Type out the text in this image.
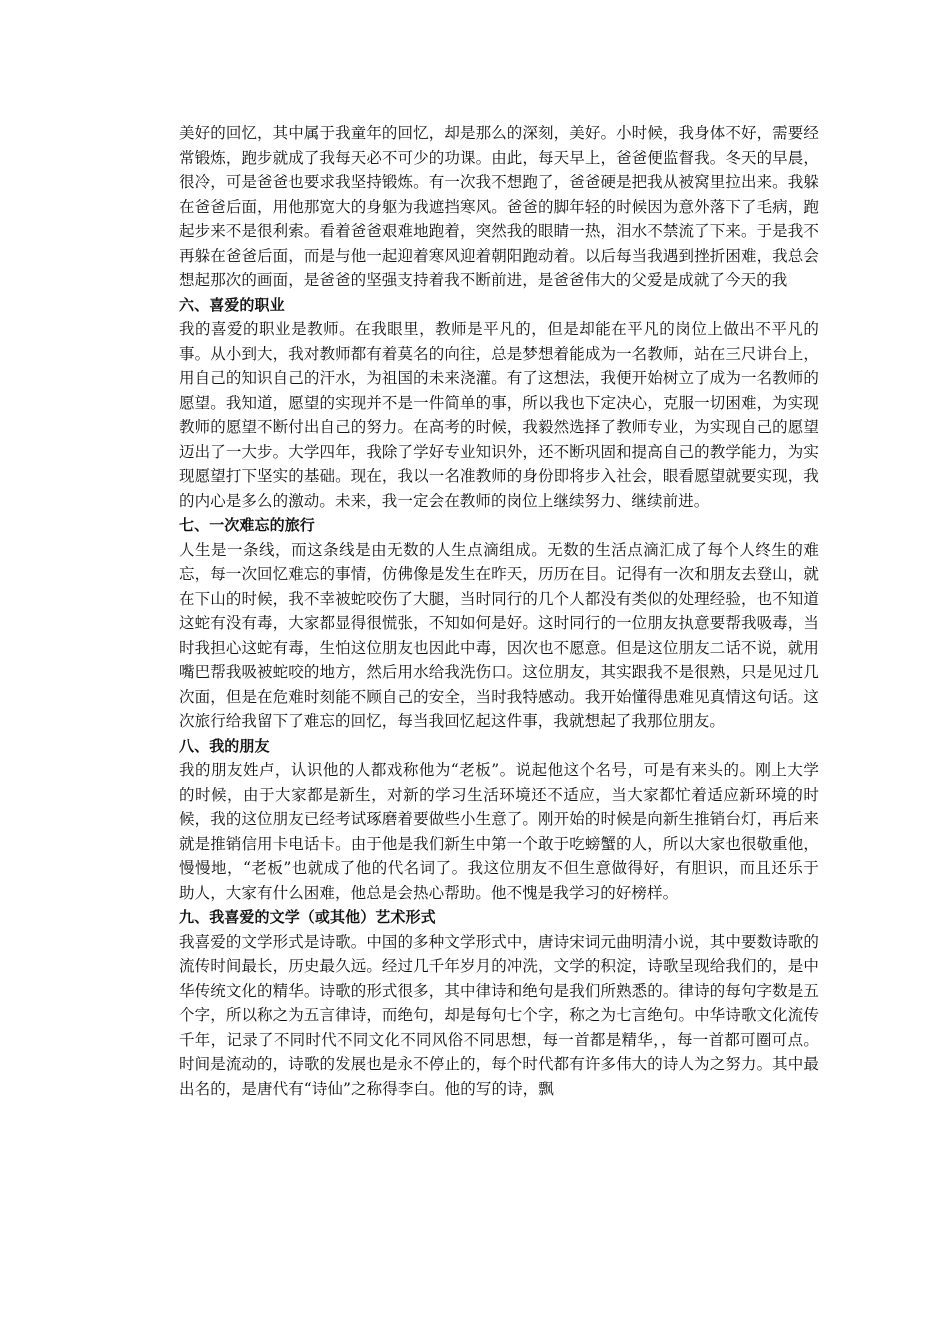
美好的回忆，其中属于我童年的回忆，却是那么的深刻，美好。小时候，我身体不好，需要经常锻炼，跑步就成了我每天必不可少的功课。由此，每天早上，爸爸便监督我。冬天的早晨，很冷，可是爸爸也要求我坚持锻炼。有一次我不想跑了，爸爸硬是把我从被窝里拉出来。我躲在爸爸后面，用他那宽大的身躯为我遮挡寒风。爸爸的脚年轻的时候因为意外落下了毛病，跑起步来不是很利索。看着爸爸艰难地跑着，突然我的眼睛一热，泪水不禁流了下来。于是我不再躲在爸爸后面，而是与他一起迎着寒风迎着朝阳跑动着。以后每当我遇到挫折困难，我总会想起那次的画面，是爸爸的坚强支持着我不断前进，是爸爸伟大的父爱是成就了今天的我

六、喜爱的职业

我的喜爱的职业是教师。在我眼里，教师是平凡的，但是却能在平凡的岗位上做出不平凡的事。从小到大，我对教师都有着莫名的向往，总是梦想着能成为一名教师，站在三尺讲台上，用自己的知识自己的汗水，为祖国的未来浇灌。有了这想法，我便开始树立了成为一名教师的愿望。我知道，愿望的实现并不是一件简单的事，所以我也下定决心，克服一切困难，为实现教师的愿望不断付出自己的努力。在高考的时候，我毅然选择了教师专业，为实现自己的愿望迈出了一大步。大学四年，我除了学好专业知识外，还不断巩固和提高自己的教学能力，为实现愿望打下坚实的基础。现在，我以一名准教师的身份即将步入社会，眼看愿望就要实现，我的内心是多么的激动。未来，我一定会在教师的岗位上继续努力、继续前进。

七、一次难忘的旅行

人生是一条线，而这条线是由无数的人生点滴组成。无数的生活点滴汇成了每个人终生的难忘，每一次回忆难忘的事情，仿佛像是发生在昨天，历历在目。记得有一次和朋友去登山，就在下山的时候，我不幸被蛇咬伤了大腿，当时同行的几个人都没有类似的处理经验，也不知道这蛇有没有毒，大家都显得很慌张，不知如何是好。这时同行的一位朋友执意要帮我吸毒，当时我担心这蛇有毒，生怕这位朋友也因此中毒，因次也不愿意。但是这位朋友二话不说，就用嘴巴帮我吸被蛇咬的地方，然后用水给我洗伤口。这位朋友，其实跟我不是很熟，只是见过几次面，但是在危难时刻能不顾自己的安全，当时我特感动。我开始懂得患难见真情这句话。这次旅行给我留下了难忘的回忆，每当我回忆起这件事，我就想起了我那位朋友。

八、我的朋友

我的朋友姓卢，认识他的人都戏称他为“老板”。说起他这个名号，可是有来头的。刚上大学的时候，由于大家都是新生，对新的学习生活环境还不适应，当大家都忙着适应新环境的时候，我的这位朋友已经考试琢磨着要做些小生意了。刚开始的时候是向新生推销台灯，再后来就是推销信用卡电话卡。由于他是我们新生中第一个敢于吃螃蟹的人，所以大家也很敬重他，慢慢地，“老板”也就成了他的代名词了。我这位朋友不但生意做得好，有胆识，而且还乐于助人，大家有什么困难，他总是会热心帮助。他不愧是我学习的好榜样。

九、我喜爱的文学（或其他）艺术形式

我喜爱的文学形式是诗歌。中国的多种文学形式中，唐诗宋词元曲明清小说，其中要数诗歌的流传时间最长，历史最久远。经过几千年岁月的冲洗，文学的积淀，诗歌呈现给我们的，是中华传统文化的精华。诗歌的形式很多，其中律诗和绝句是我们所熟悉的。律诗的每句字数是五个字，所以称之为五言律诗，而绝句，却是每句七个字，称之为七言绝句。中华诗歌文化流传千年，记录了不同时代不同文化不同风俗不同思想，每一首都是精华，，每一首都可圈可点。时间是流动的，诗歌的发展也是永不停止的，每个时代都有许多伟大的诗人为之努力。其中最出名的，是唐代有“诗仙”之称得李白。他的写的诗，飘
